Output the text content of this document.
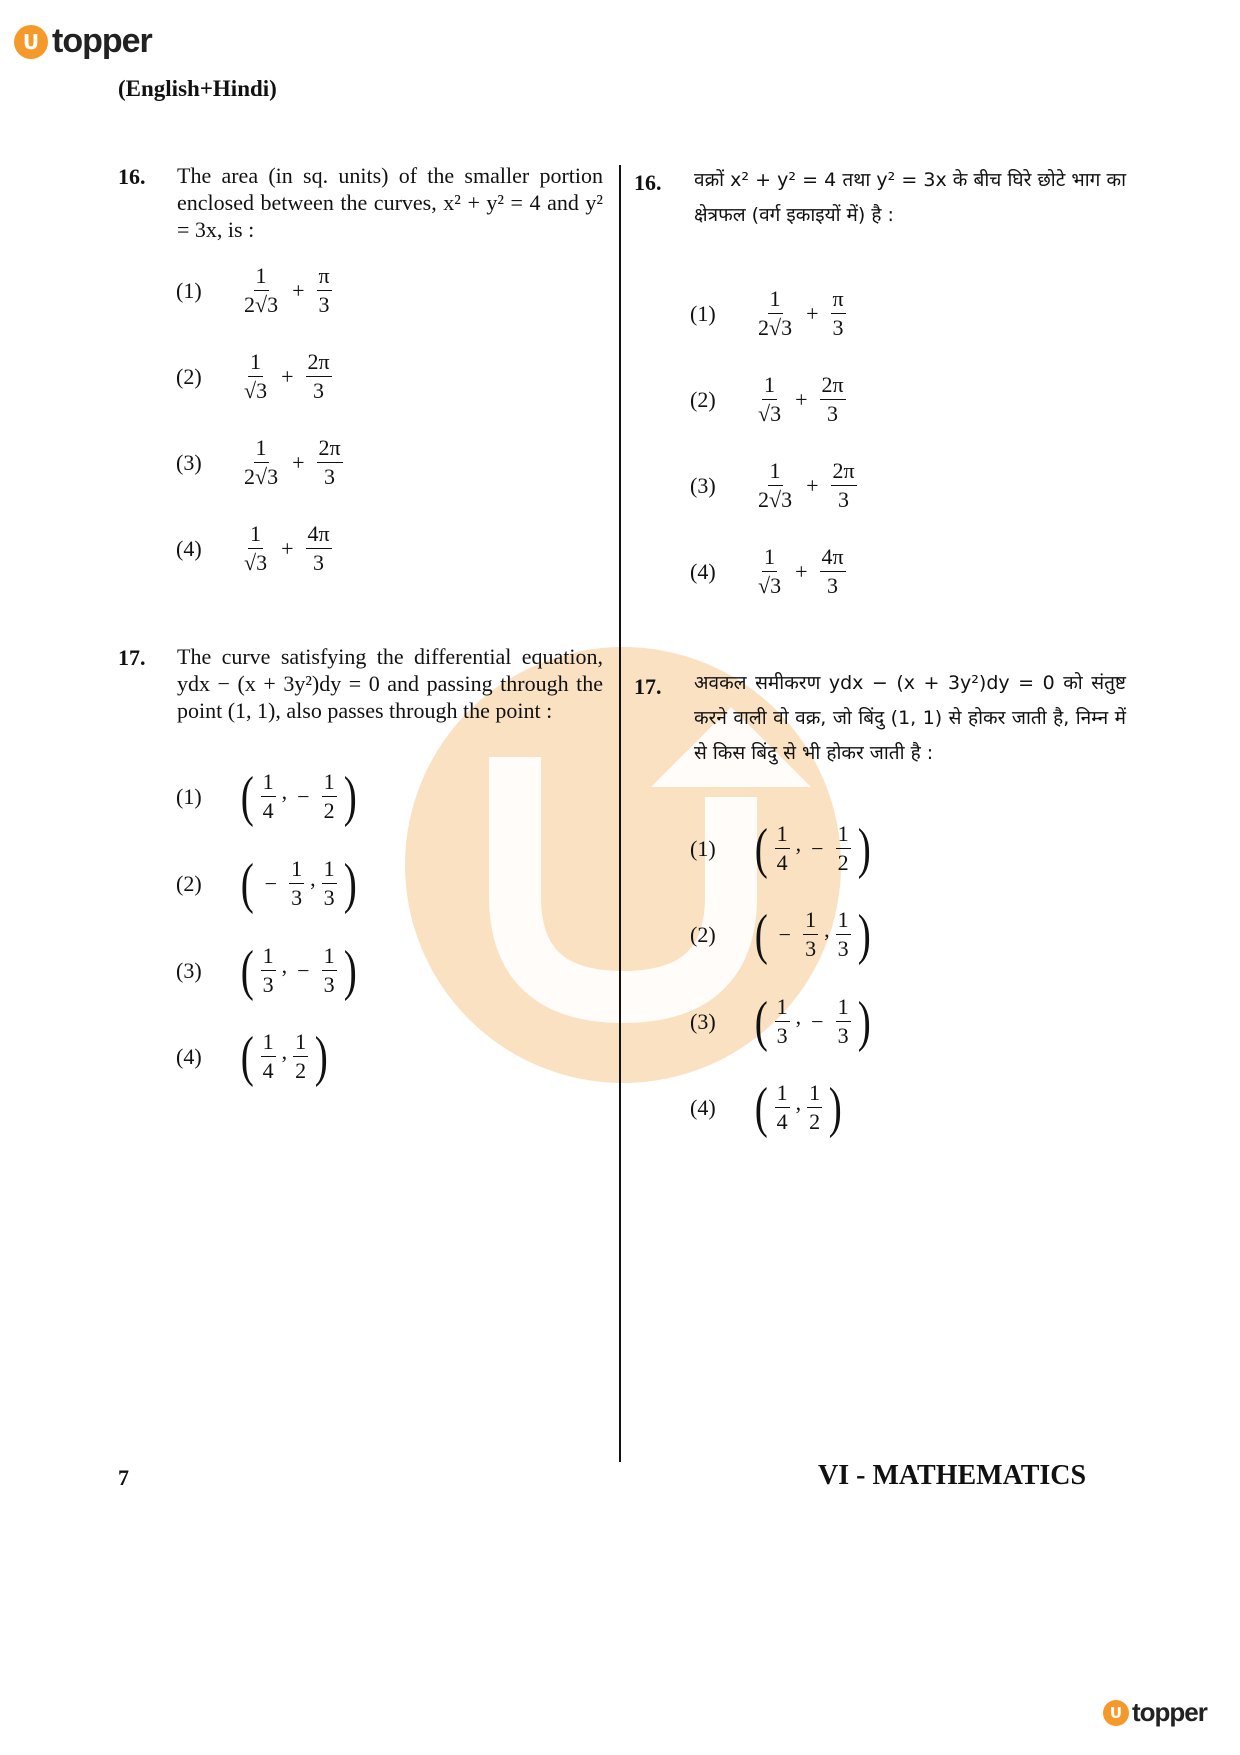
U topper
(English+Hindi)
16. The area (in sq. units) of the smaller portion enclosed between the curves, x² + y² = 4 and y² = 3x, is :
(1)	$\frac{1}{2√3} + \frac{\pi}{3}$
(2)	$\frac{1}{√3} + \frac{2\pi}{3}$
(3)	$\frac{1}{2√3} + \frac{2\pi}{3}$
(4)	$\frac{1}{√3} + \frac{4\pi}{3}$
17. The curve satisfying the differential equation, ydx − (x + 3y²)dy = 0 and passing through the point (1, 1), also passes through the point :
(1) ( $\frac{1}{4}$ , − $\frac{1}{2}$ )
(2) ( − $\frac{1}{3}$ , $\frac{1}{3}$ )
(3) ( $\frac{1}{3}$ , − $\frac{1}{3}$ )
(4) ( $\frac{1}{4}$ , $\frac{1}{2}$ )
16. वक्रों x² + y² = 4 तथा y² = 3x के बीच घिरे छोटे भाग का क्षेत्रफल (वर्ग इकाइयों में) है :
(1)	$\frac{1}{2√3} + \frac{\pi}{3}$
(2)	$\frac{1}{√3} + \frac{2\pi}{3}$
(3)	$\frac{1}{2√3} + \frac{2\pi}{3}$
(4)	$\frac{1}{√3} + \frac{4\pi}{3}$
17. अवकल समीकरण ydx − (x + 3y²)dy = 0 को संतुष्ट करने वाली वो वक्र, जो बिंदु (1, 1) से होकर जाती है, निम्न में से किस बिंदु से भी होकर जाती है :
(1) ( $\frac{1}{4}$ , − $\frac{1}{2}$ )
(2) ( − $\frac{1}{3}$ , $\frac{1}{3}$ )
(3) ( $\frac{1}{3}$ , − $\frac{1}{3}$ )
(4) ( $\frac{1}{4}$ , $\frac{1}{2}$ )
7	VI - MATHEMATICS
U topper
